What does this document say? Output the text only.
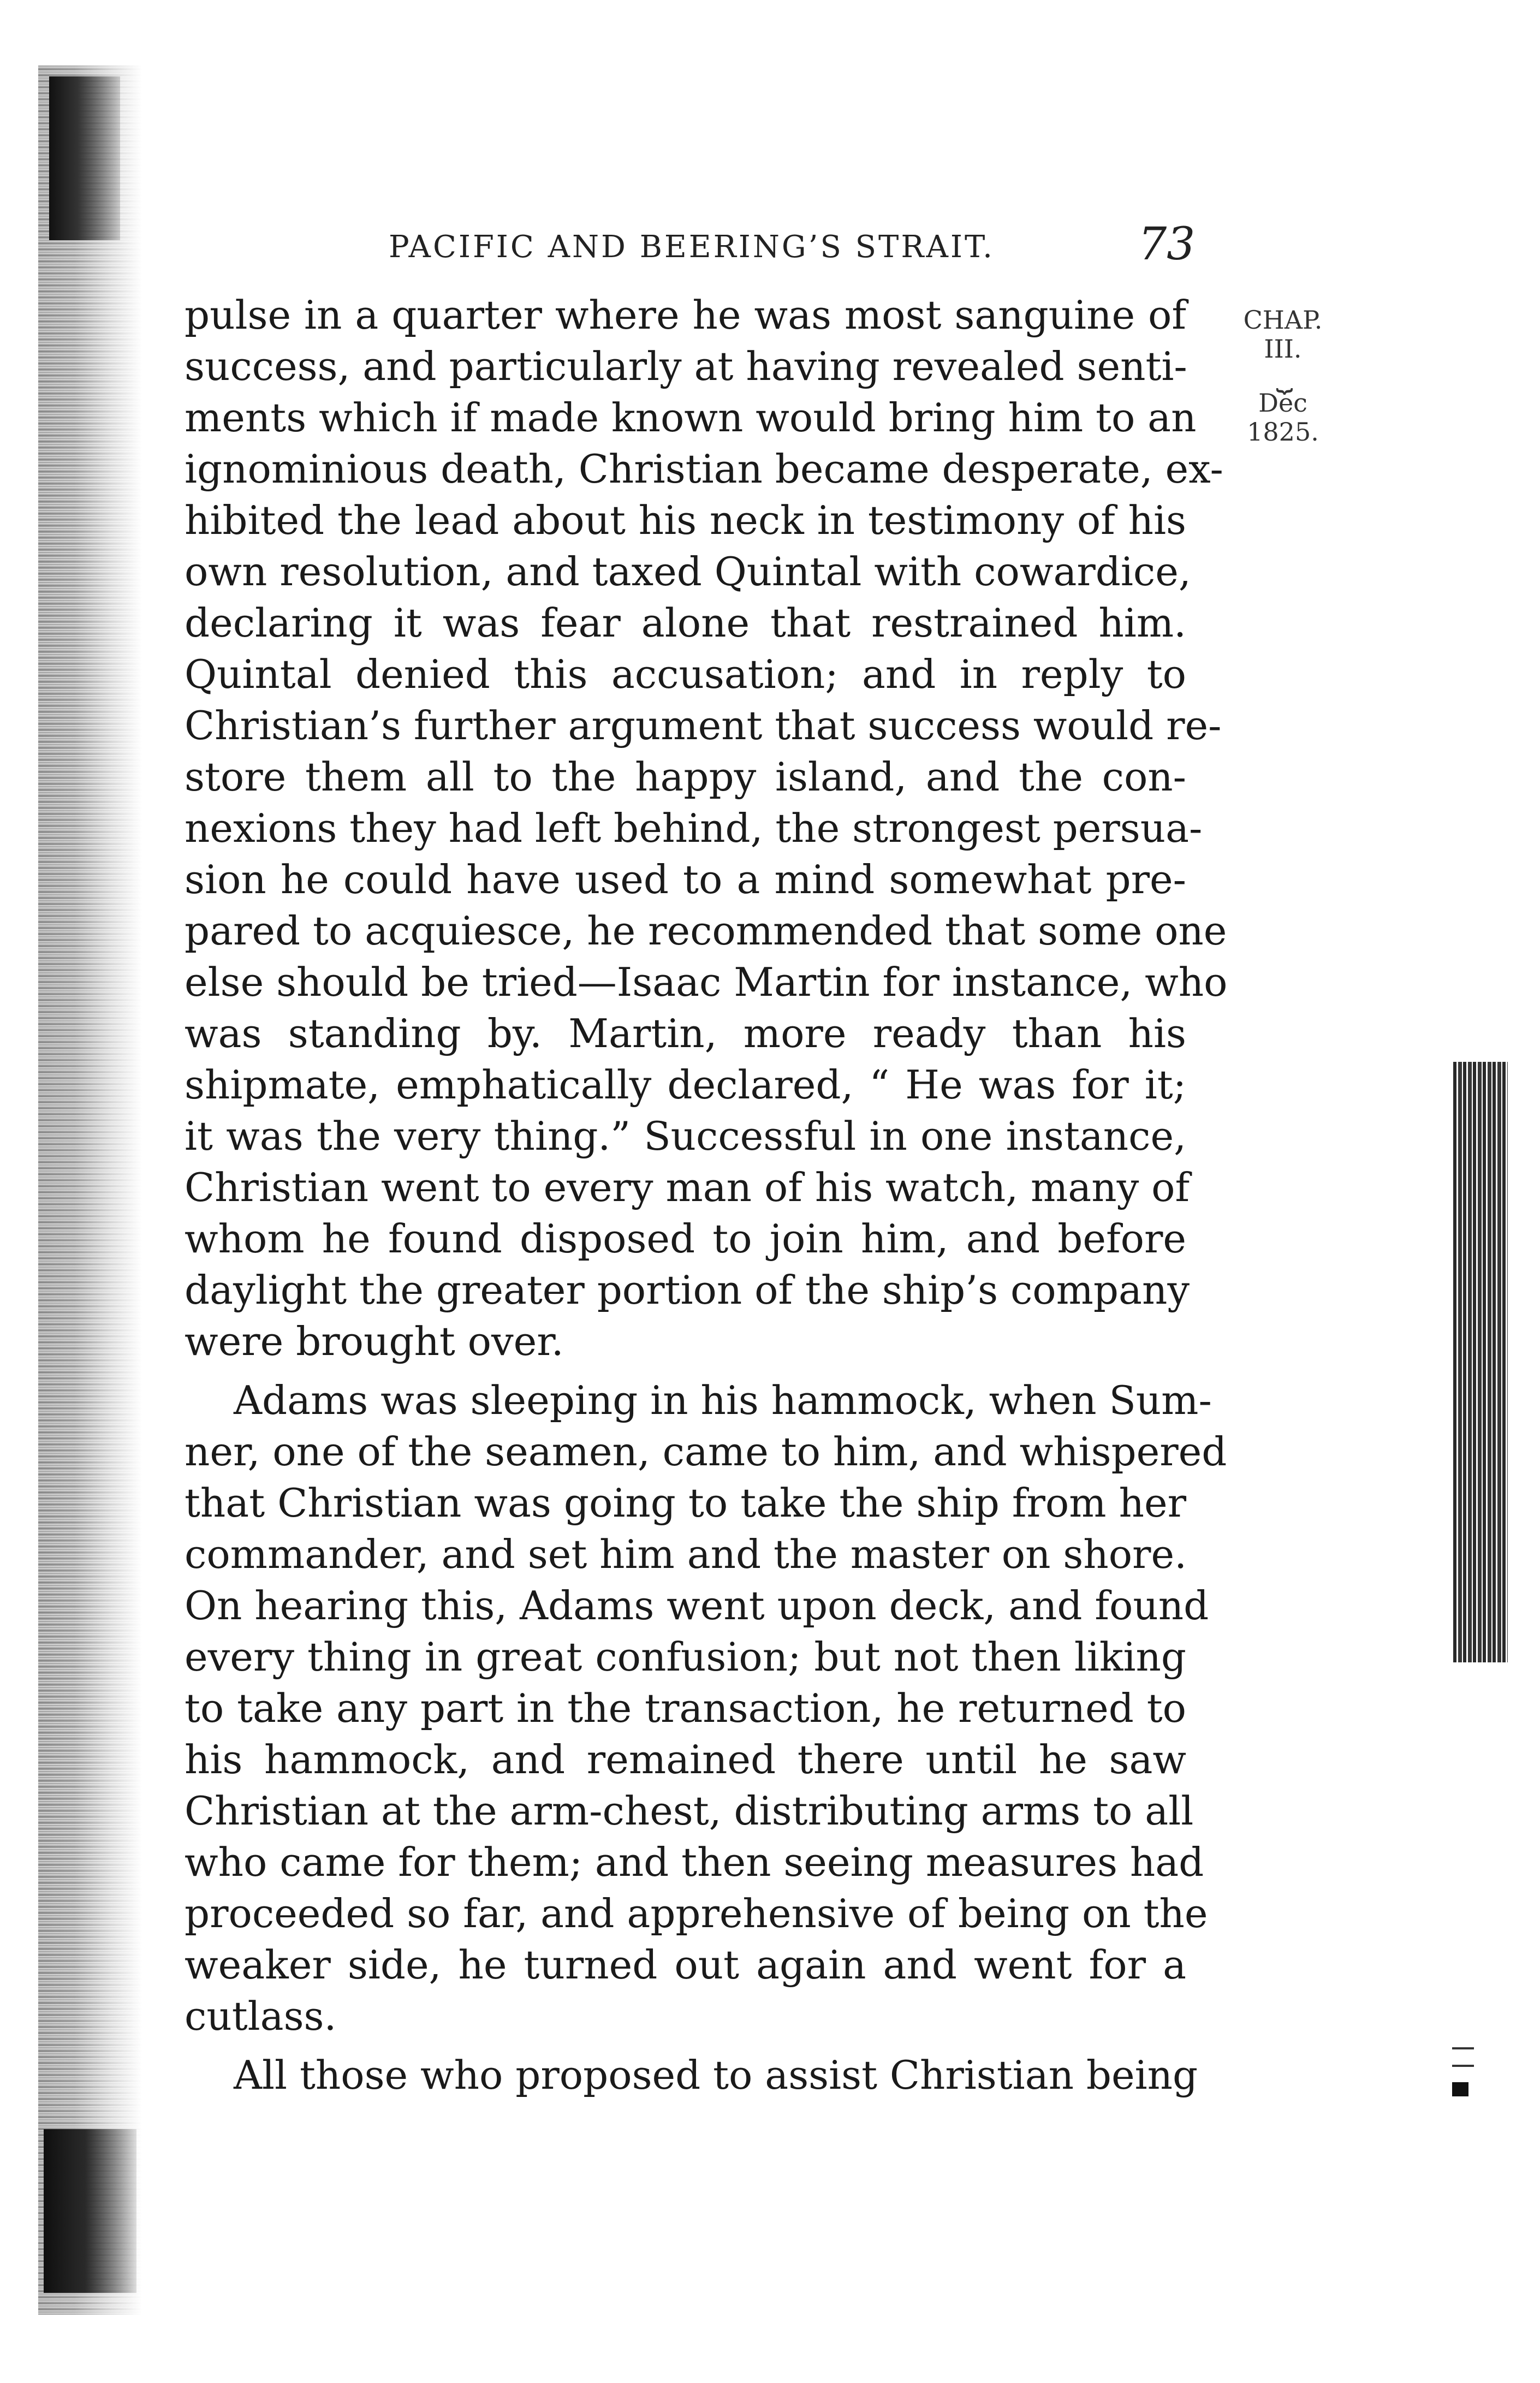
PACIFIC AND BEERING’S STRAIT.	73
CHAP.
III.
⏟
Dec
1825.
pulse in a quarter where he was most sanguine of
success, and particularly at having revealed senti-
ments which if made known would bring him to an
ignominious death, Christian became desperate, ex-
hibited the lead about his neck in testimony of his
own resolution, and taxed Quintal with cowardice,
declaring it was fear alone that restrained him.
Quintal denied this accusation; and in reply to
Christian’s further argument that success would re-
store them all to the happy island, and the con-
nexions they had left behind, the strongest persua-
sion he could have used to a mind somewhat pre-
pared to acquiesce, he recommended that some one
else should be tried—Isaac Martin for instance, who
was standing by. Martin, more ready than his
shipmate, emphatically declared, “ He was for it;
it was the very thing.” Successful in one instance,
Christian went to every man of his watch, many of
whom he found disposed to join him, and before
daylight the greater portion of the ship’s company
were brought over.
Adams was sleeping in his hammock, when Sum-
ner, one of the seamen, came to him, and whispered
that Christian was going to take the ship from her
commander, and set him and the master on shore.
On hearing this, Adams went upon deck, and found
every thing in great confusion; but not then liking
to take any part in the transaction, he returned to
his hammock, and remained there until he saw
Christian at the arm-chest, distributing arms to all
who came for them; and then seeing measures had
proceeded so far, and apprehensive of being on the
weaker side, he turned out again and went for a
cutlass.
All those who proposed to assist Christian being
